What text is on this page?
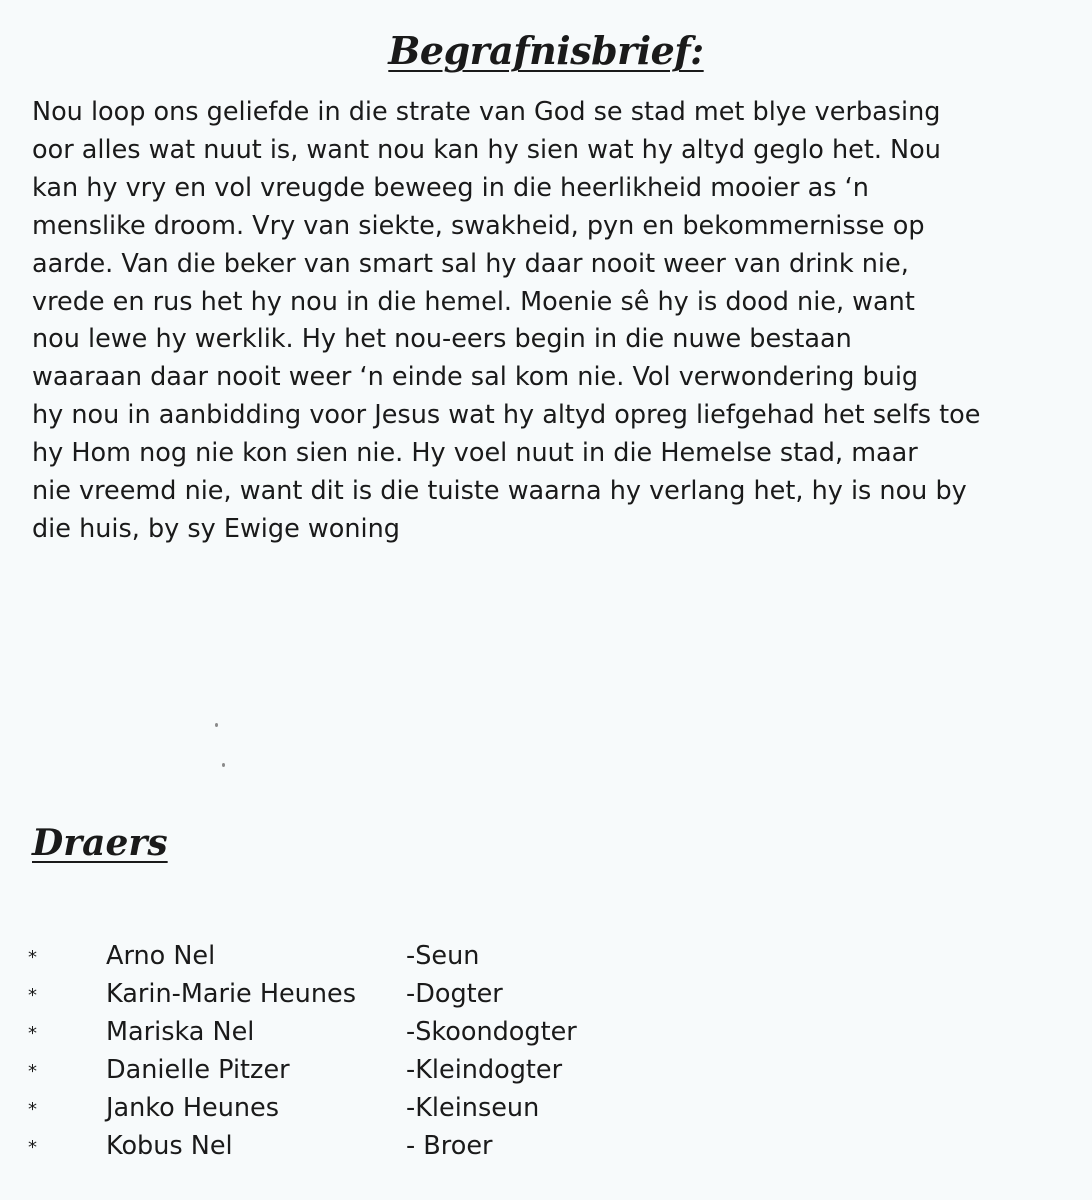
Begrafnisbrief:
Nou loop ons geliefde in die strate van God se stad met blye verbasing
oor alles wat nuut is, want nou kan hy sien wat hy altyd geglo het. Nou
kan hy vry en vol vreugde beweeg in die heerlikheid mooier as ‘n
menslike droom. Vry van siekte, swakheid, pyn en bekommernisse op
aarde. Van die beker van smart sal hy daar nooit weer van drink nie,
vrede en rus het hy nou in die hemel. Moenie sê hy is dood nie, want
nou lewe hy werklik. Hy het nou-eers begin in die nuwe bestaan
waaraan daar nooit weer ‘n einde sal kom nie. Vol verwondering buig
hy nou in aanbidding voor Jesus wat hy altyd opreg liefgehad het selfs toe
hy Hom nog nie kon sien nie. Hy voel nuut in die Hemelse stad, maar
nie vreemd nie, want dit is die tuiste waarna hy verlang het, hy is nou by
die huis, by sy Ewige woning
Draers
*	Arno Nel	-Seun
*	Karin-Marie Heunes -Dogter
*	Mariska Nel	-Skoondogter
*	Danielle Pitzer	-Kleindogter
*	Janko Heunes	-Kleinseun
*	Kobus Nel	- Broer
